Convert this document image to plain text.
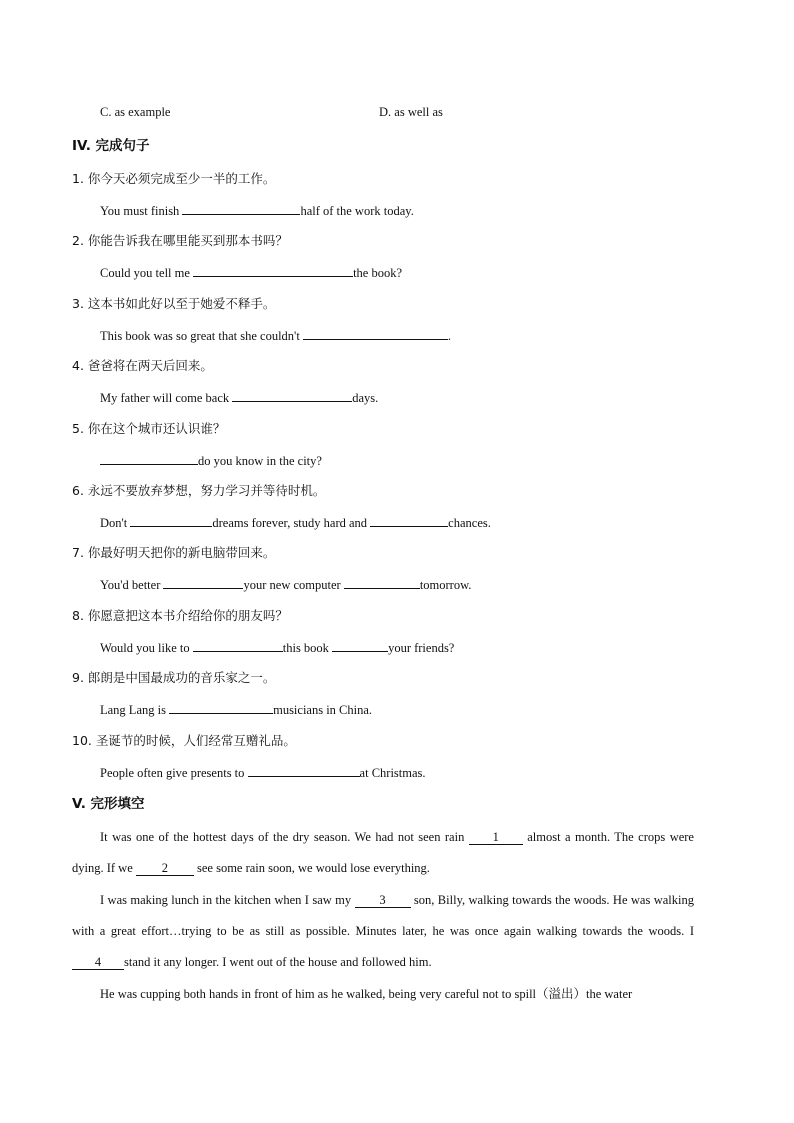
C. as example	D. as well as
IV. 完成句子
1. 你今天必须完成至少一半的工作。
You must finish	half of the work today.
2. 你能告诉我在哪里能买到那本书吗？
Could you tell me	the book?
3. 这本书如此好以至于她爱不释手。
This book was so great that she couldn't	.
4. 爸爸将在两天后回来。
My father will come back	days.
5. 你在这个城市还认识谁？
do you know in the city?
6. 永远不要放弃梦想，努力学习并等待时机。
Don't	dreams forever, study hard and	chances.
7. 你最好明天把你的新电脑带回来。
You'd better	your new computer	tomorrow.
8. 你愿意把这本书介绍给你的朋友吗？
Would you like to	this book	your friends?
9. 郎朗是中国最成功的音乐家之一。
Lang Lang is	musicians in China.
10. 圣诞节的时候，人们经常互赠礼品。
People often give presents to	at Christmas.
V. 完形填空
It was one of the hottest days of the dry season. We had not seen rain 1 almost a month. The crops were dying. If we 2 see some rain soon, we would lose everything.
I was making lunch in the kitchen when I saw my 3 son, Billy, walking towards the woods. He was walking with a great effort…trying to be as still as possible. Minutes later, he was once again walking towards the woods. I4 stand it any longer. I went out of the house and followed him.
He was cupping both hands in front of him as he walked, being very careful not to spill（溢出）the water
